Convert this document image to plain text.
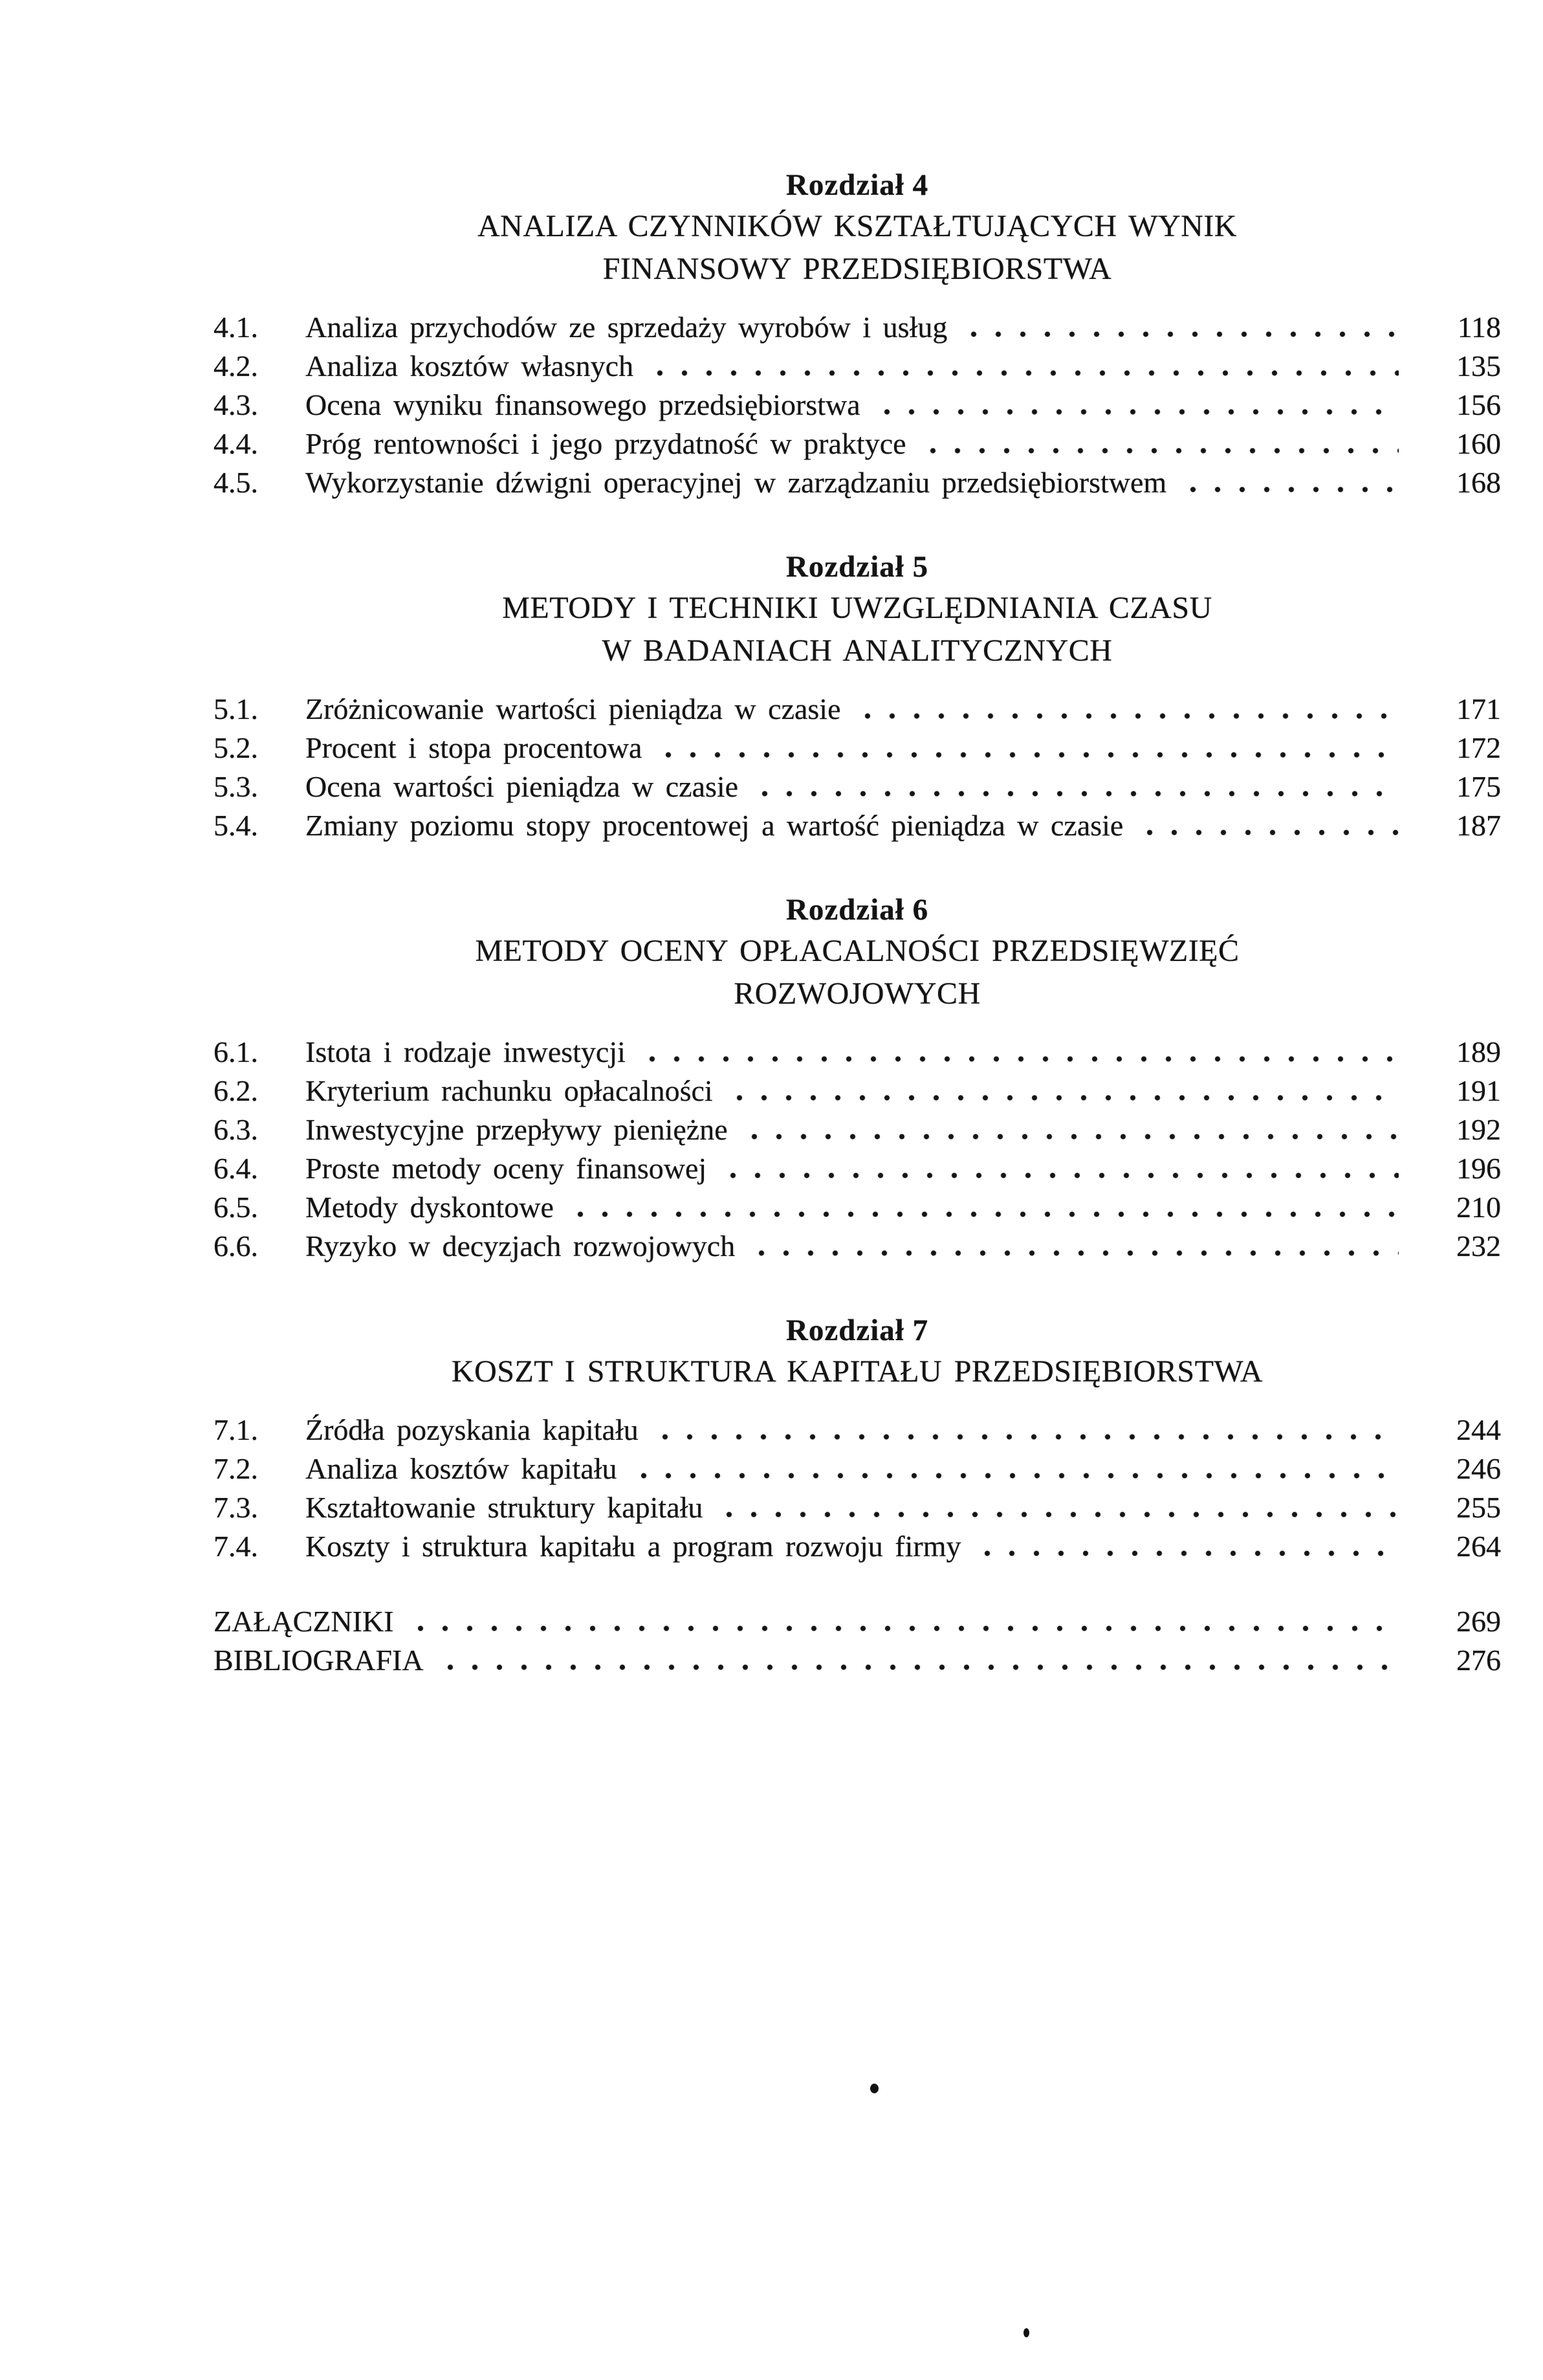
Rozdział 4
ANALIZA CZYNNIKÓW KSZTAŁTUJĄCYCH WYNIK
FINANSOWY PRZEDSIĘBIORSTWA
4.1.	Analiza przychodów ze sprzedaży wyrobów i usług	118
4.2.	Analiza kosztów własnych	135
4.3.	Ocena wyniku finansowego przedsiębiorstwa	156
4.4.	Próg rentowności i jego przydatność w praktyce	160
4.5.	Wykorzystanie dźwigni operacyjnej w zarządzaniu przedsiębiorstwem	168
Rozdział 5
METODY I TECHNIKI UWZGLĘDNIANIA CZASU
W BADANIACH ANALITYCZNYCH
5.1.	Zróżnicowanie wartości pieniądza w czasie	171
5.2.	Procent i stopa procentowa	172
5.3.	Ocena wartości pieniądza w czasie	175
5.4.	Zmiany poziomu stopy procentowej a wartość pieniądza w czasie	187
Rozdział 6
METODY OCENY OPŁACALNOŚCI PRZEDSIĘWZIĘĆ
ROZWOJOWYCH
6.1.	Istota i rodzaje inwestycji	189
6.2.	Kryterium rachunku opłacalności	191
6.3.	Inwestycyjne przepływy pieniężne	192
6.4.	Proste metody oceny finansowej	196
6.5.	Metody dyskontowe	210
6.6.	Ryzyko w decyzjach rozwojowych	232
Rozdział 7
KOSZT I STRUKTURA KAPITAŁU PRZEDSIĘBIORSTWA
7.1.	Źródła pozyskania kapitału	244
7.2.	Analiza kosztów kapitału	246
7.3.	Kształtowanie struktury kapitału	255
7.4.	Koszty i struktura kapitału a program rozwoju firmy	264
ZAŁĄCZNIKI	269
BIBLIOGRAFIA	276
